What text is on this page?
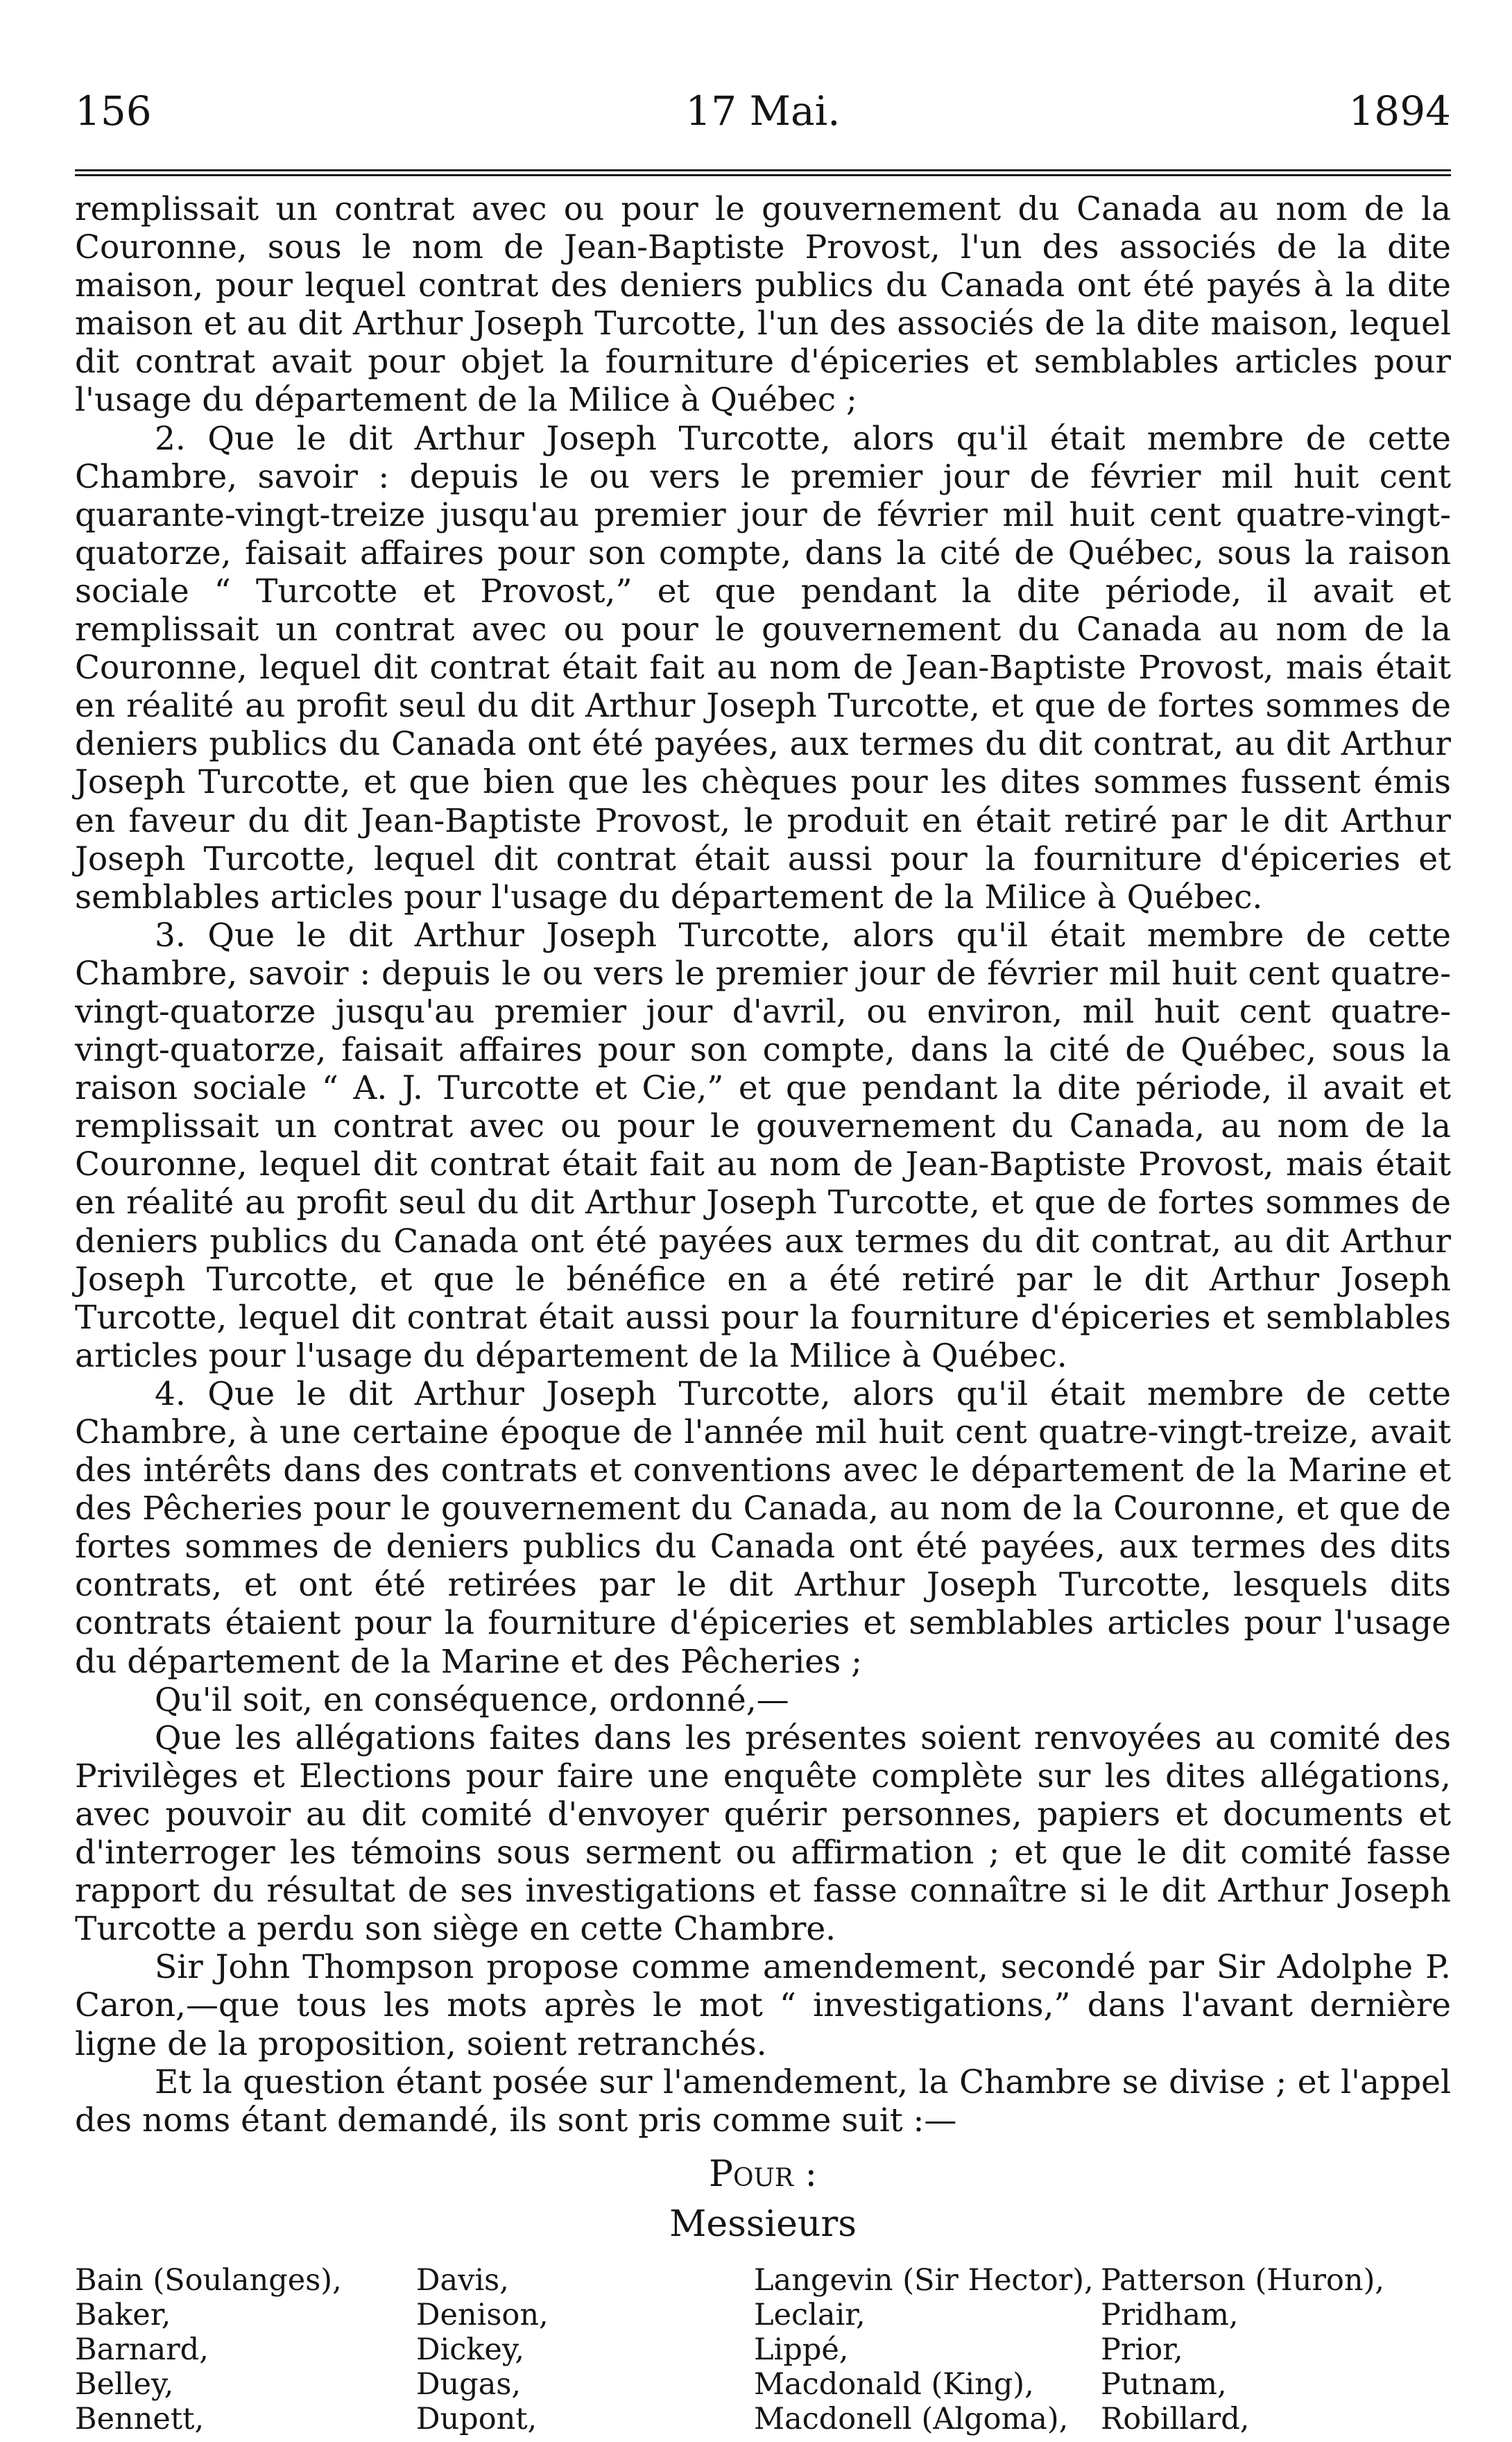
156	17 Mai.	1894

remplissait un contrat avec ou pour le gouvernement du Canada au nom de la Couronne, sous le nom de Jean-Baptiste Provost, l'un des associés de la dite maison, pour lequel contrat des deniers publics du Canada ont été payés à la dite maison et au dit Arthur Joseph Turcotte, l'un des associés de la dite maison, lequel dit contrat avait pour objet la fourniture d'épiceries et semblables articles pour l'usage du département de la Milice à Québec ;

2. Que le dit Arthur Joseph Turcotte, alors qu'il était membre de cette Chambre, savoir : depuis le ou vers le premier jour de février mil huit cent quarante-vingt-treize jusqu'au premier jour de février mil huit cent quatre-vingt-quatorze, faisait affaires pour son compte, dans la cité de Québec, sous la raison sociale “ Turcotte et Provost,” et que pendant la dite période, il avait et remplissait un contrat avec ou pour le gouvernement du Canada au nom de la Couronne, lequel dit contrat était fait au nom de Jean-Baptiste Provost, mais était en réalité au profit seul du dit Arthur Joseph Turcotte, et que de fortes sommes de deniers publics du Canada ont été payées, aux termes du dit contrat, au dit Arthur Joseph Turcotte, et que bien que les chèques pour les dites sommes fussent émis en faveur du dit Jean-Baptiste Provost, le produit en était retiré par le dit Arthur Joseph Turcotte, lequel dit contrat était aussi pour la fourniture d'épiceries et semblables articles pour l'usage du département de la Milice à Québec.

3. Que le dit Arthur Joseph Turcotte, alors qu'il était membre de cette Chambre, savoir : depuis le ou vers le premier jour de février mil huit cent quatre-vingt-quatorze jusqu'au premier jour d'avril, ou environ, mil huit cent quatre-vingt-quatorze, faisait affaires pour son compte, dans la cité de Québec, sous la raison sociale “ A. J. Turcotte et Cie,” et que pendant la dite période, il avait et remplissait un contrat avec ou pour le gouvernement du Canada, au nom de la Couronne, lequel dit contrat était fait au nom de Jean-Baptiste Provost, mais était en réalité au profit seul du dit Arthur Joseph Turcotte, et que de fortes sommes de deniers publics du Canada ont été payées aux termes du dit contrat, au dit Arthur Joseph Turcotte, et que le bénéfice en a été retiré par le dit Arthur Joseph Turcotte, lequel dit contrat était aussi pour la fourniture d'épiceries et semblables articles pour l'usage du département de la Milice à Québec.

4. Que le dit Arthur Joseph Turcotte, alors qu'il était membre de cette Chambre, à une certaine époque de l'année mil huit cent quatre-vingt-treize, avait des intérêts dans des contrats et conventions avec le département de la Marine et des Pêcheries pour le gouvernement du Canada, au nom de la Couronne, et que de fortes sommes de deniers publics du Canada ont été payées, aux termes des dits contrats, et ont été retirées par le dit Arthur Joseph Turcotte, lesquels dits contrats étaient pour la fourniture d'épiceries et semblables articles pour l'usage du département de la Marine et des Pêcheries ;

Qu'il soit, en conséquence, ordonné,—

Que les allégations faites dans les présentes soient renvoyées au comité des Privilèges et Elections pour faire une enquête complète sur les dites allégations, avec pouvoir au dit comité d'envoyer quérir personnes, papiers et documents et d'interroger les témoins sous serment ou affirmation ; et que le dit comité fasse rapport du résultat de ses investigations et fasse connaître si le dit Arthur Joseph Turcotte a perdu son siège en cette Chambre.

Sir John Thompson propose comme amendement, secondé par Sir Adolphe P. Caron,—que tous les mots après le mot “ investigations,” dans l'avant dernière ligne de la proposition, soient retranchés.

Et la question étant posée sur l'amendement, la Chambre se divise ; et l'appel des noms étant demandé, ils sont pris comme suit :—

Pour :
Messieurs
Bain (Soulanges),
Baker,
Barnard,
Belley,
Bennett,
Davis,
Denison,
Dickey,
Dugas,
Dupont,
Langevin (Sir Hector),
Leclair,
Lippé,
Macdonald (King),
Macdonell (Algoma),
Patterson (Huron),
Pridham,
Prior,
Putnam,
Robillard,
